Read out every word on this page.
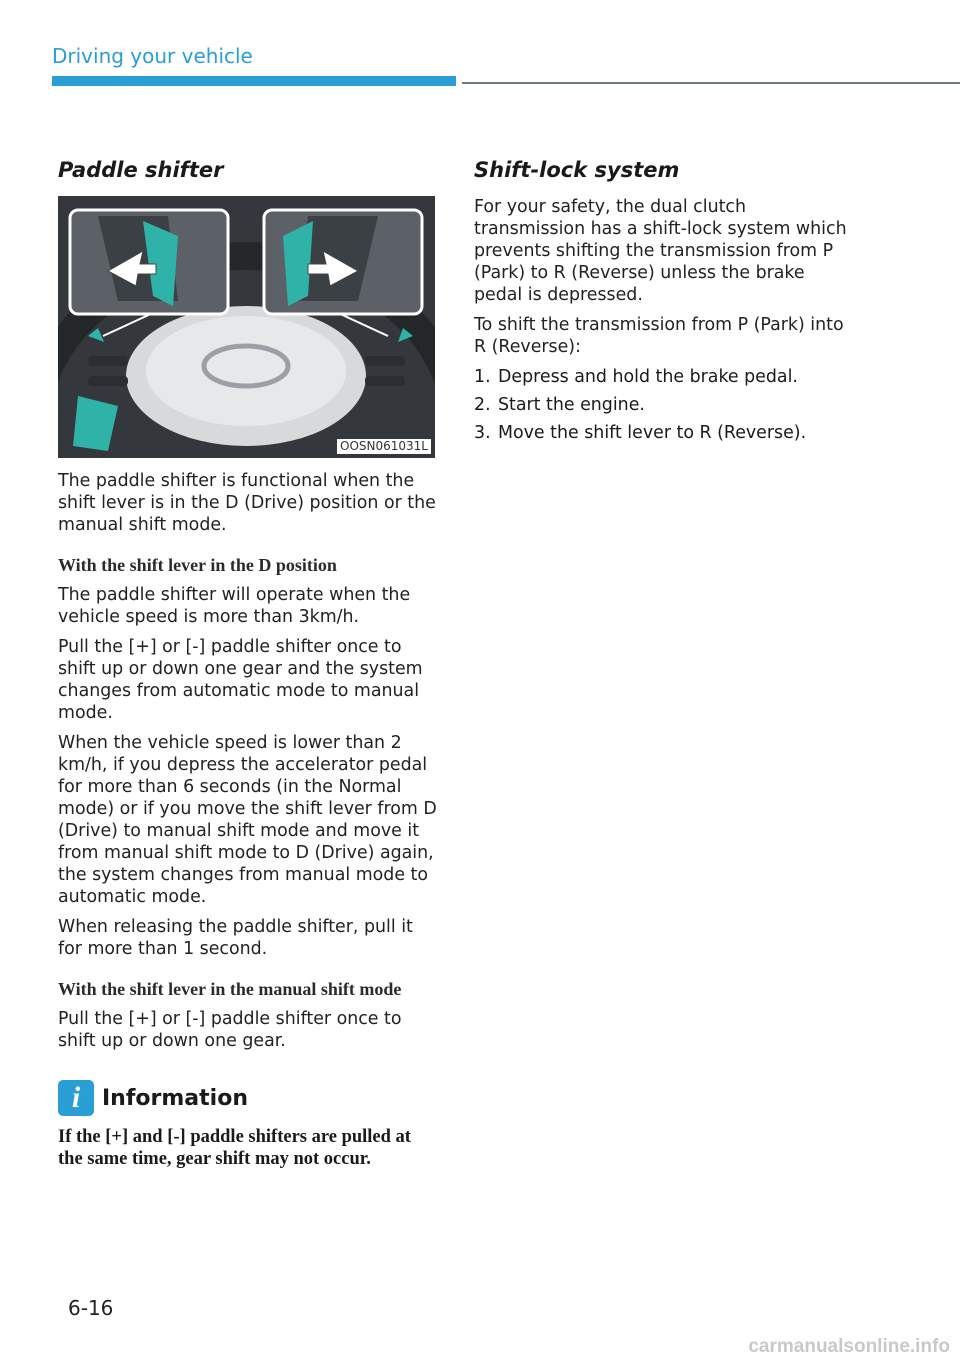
Driving your vehicle
Paddle shifter
OOSN061031L

The paddle shifter is functional when the shift lever is in the D (Drive) position or the manual shift mode.

With the shift lever in the D position

The paddle shifter will operate when the vehicle speed is more than 3km/h.

Pull the [+] or [-] paddle shifter once to shift up or down one gear and the system changes from automatic mode to manual mode.

When the vehicle speed is lower than 2 km/h, if you depress the accelerator pedal for more than 6 seconds (in the Normal mode) or if you move the shift lever from D (Drive) to manual shift mode and move it from manual shift mode to D (Drive) again, the system changes from manual mode to automatic mode.

When releasing the paddle shifter, pull it for more than 1 second.

With the shift lever in the manual shift mode

Pull the [+] or [-] paddle shifter once to shift up or down one gear.

i Information

If the [+] and [-] paddle shifters are pulled at the same time, gear shift may not occur.

Shift-lock system

For your safety, the dual clutch transmission has a shift-lock system which prevents shifting the transmission from P (Park) to R (Reverse) unless the brake pedal is depressed.

To shift the transmission from P (Park) into R (Reverse):

1. Depress and hold the brake pedal.
2. Start the engine.
3. Move the shift lever to R (Reverse).
6-16
carmanualsonline.info
